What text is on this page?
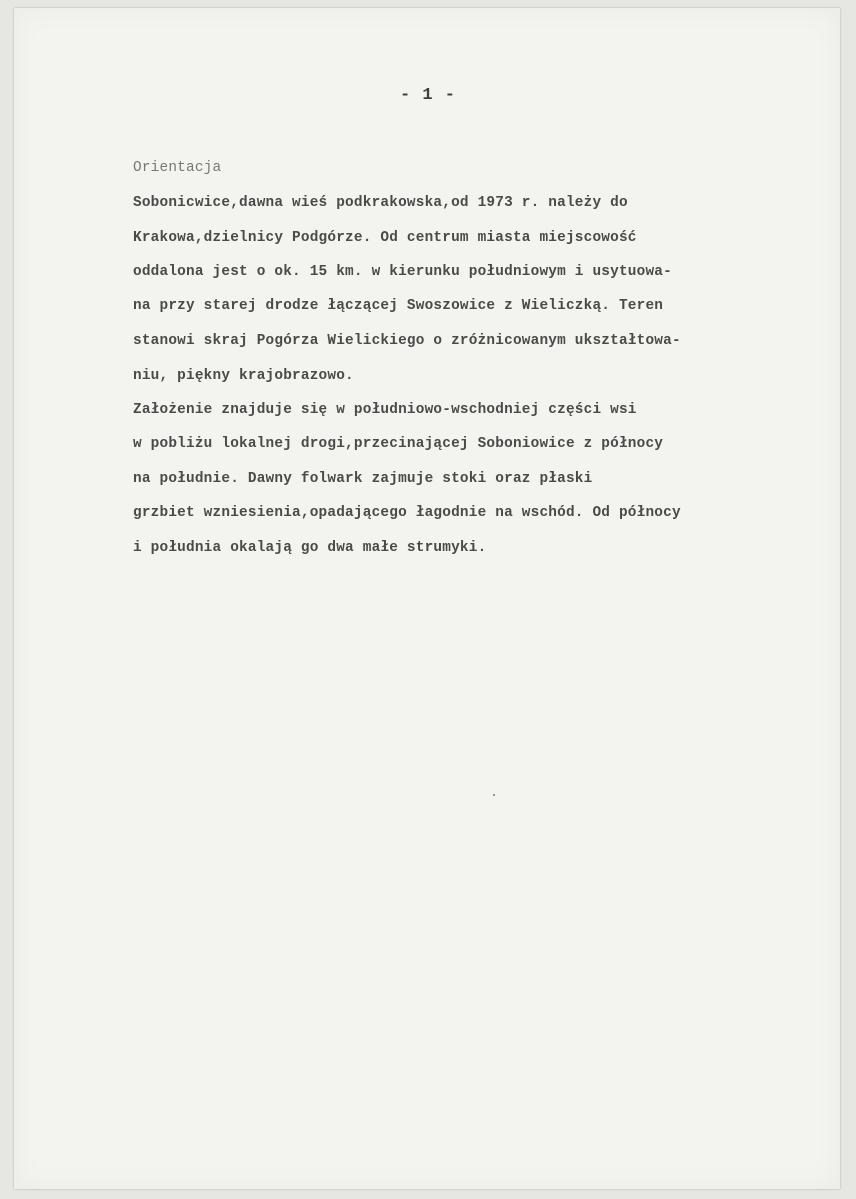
- 1 -
Orientacja
Sobonicwice,dawna wieś podkrakowska,od 1973 r. należy do
Krakowa,dzielnicy Podgórze. Od centrum miasta miejscowość
oddalona jest o ok. 15 km. w kierunku południowym i usytuowa-
na przy starej drodze łączącej Swoszowice z Wieliczką. Teren
stanowi skraj Pogórza Wielickiego o zróżnicowanym ukształtowa-
niu, piękny krajobrazowo.
Założenie znajduje się w południowo-wschodniej części wsi
w pobliżu lokalnej drogi,przecinającej Soboniowice z północy
na południe. Dawny folwark zajmuje stoki oraz płaski
grzbiet wzniesienia,opadającego łagodnie na wschód. Od północy
i południa okalają go dwa małe strumyki.
